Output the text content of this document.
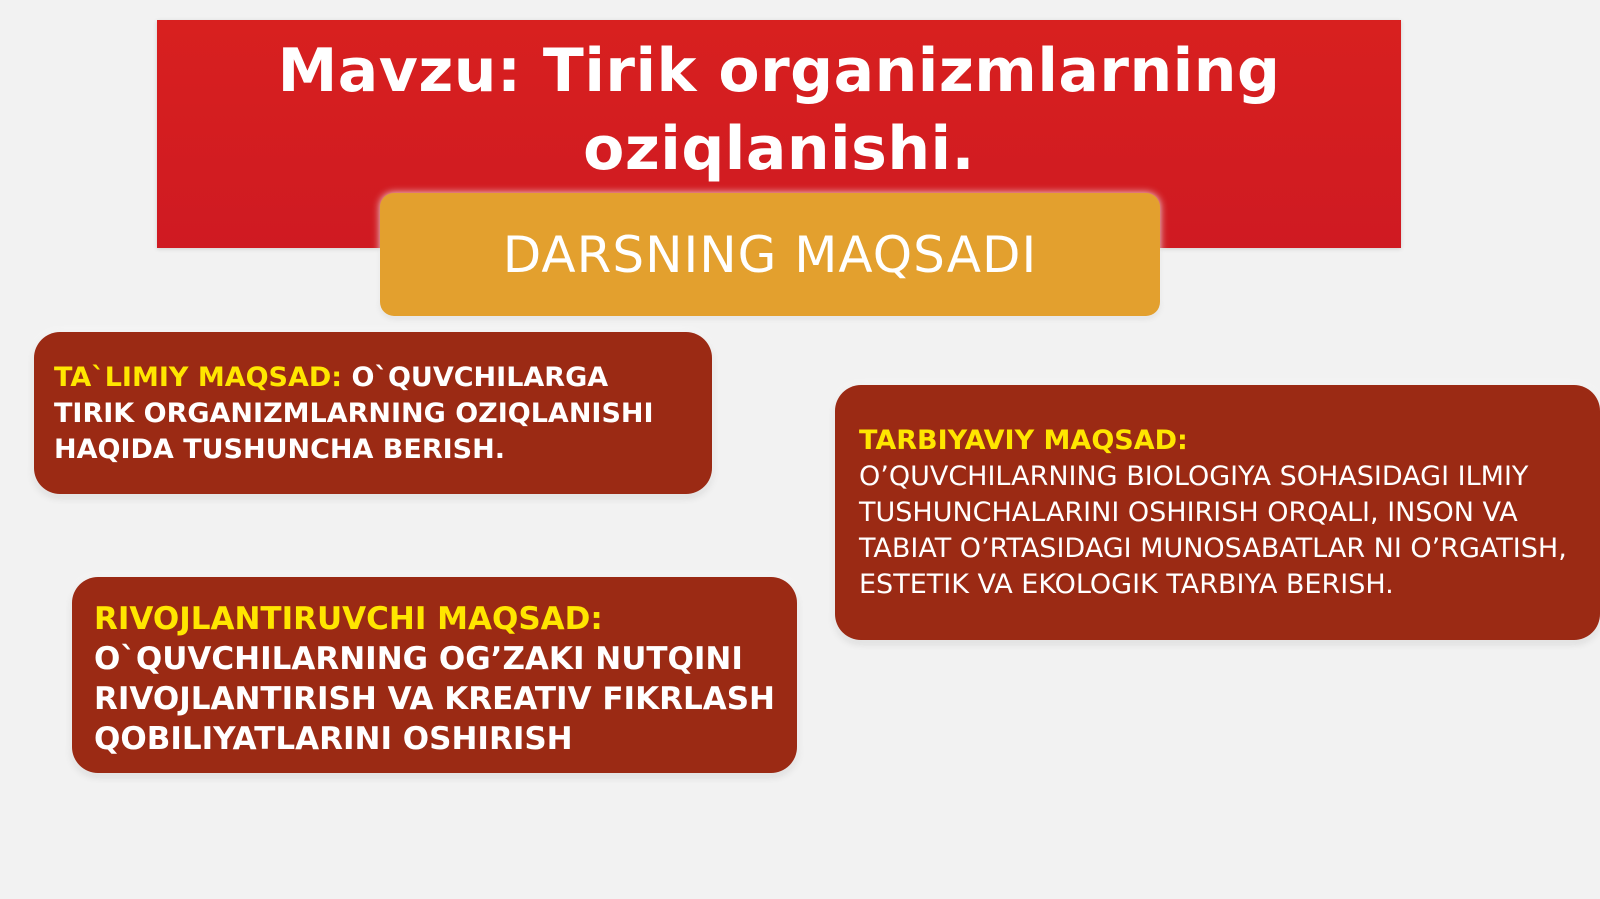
Mavzu: Tirik organizmlarning
oziqlanishi.
DARSNING MAQSADI
TA`LIMIY MAQSAD: O`QUVCHILARGA TIRIK ORGANIZMLARNING OZIQLANISHI HAQIDA TUSHUNCHA BERISH.	TARBIYAVIY MAQSAD:
O’QUVCHILARNING BIOLOGIYA SOHASIDAGI ILMIY TUSHUNCHALARINI OSHIRISH ORQALI, INSON VA TABIAT O’RTASIDAGI MUNOSABATLAR NI O’RGATISH, ESTETIK VA EKOLOGIK TARBIYA BERISH.
RIVOJLANTIRUVCHI MAQSAD:
O`QUVCHILARNING OG’ZAKI NUTQINI RIVOJLANTIRISH VA KREATIV FIKRLASH QOBILIYATLARINI OSHIRISH
